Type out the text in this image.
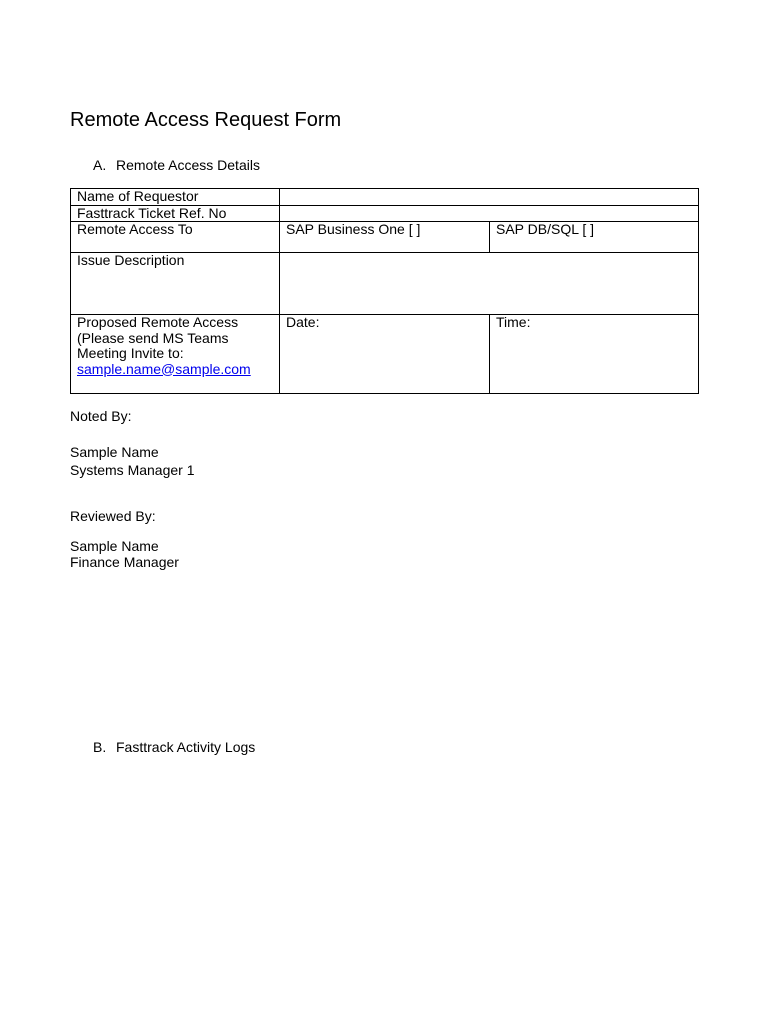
Remote Access Request Form

A. Remote Access Details

Name of Requestor		
Fasttrack Ticket Ref. No		
Remote Access To	SAP Business One [ ]	SAP DB/SQL [ ]
Issue Description		

Proposed Remote Access
(Please send MS Teams
Meeting Invite to:
sample.name@sample.com	Date:	Time:

Noted By:

Sample Name

Systems Manager 1

Reviewed By:

Sample Name

Finance Manager

B. Fasttrack Activity Logs
